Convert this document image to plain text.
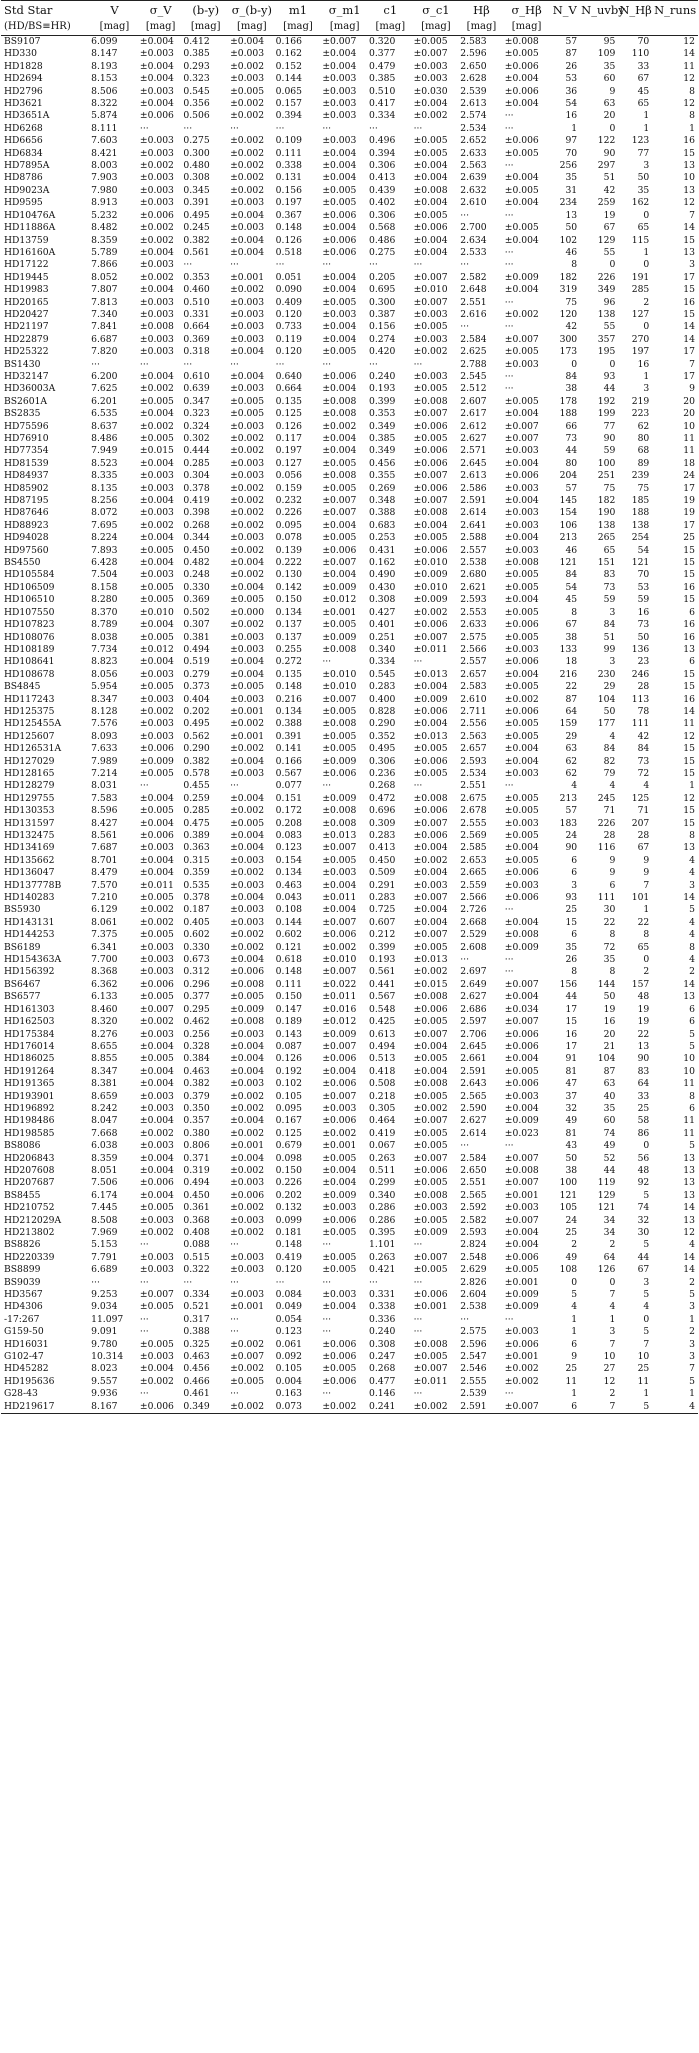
Std Star	V	σ_V	(b-y)	σ_(b-y)	m1	σ_m1	c1	σ_c1	Hβ	σ_Hβ	N_V	N_uvby	N_Hβ	N_runs
(HD/BS≡HR)	[mag]	[mag]	[mag]	[mag]	[mag]	[mag]	[mag]	[mag]	[mag]	[mag]				
BS9107	6.099	±0.004	0.412	±0.004	0.166	±0.007	0.320	±0.005	2.583	±0.008	57	95	70	12
HD330	8.147	±0.003	0.385	±0.003	0.162	±0.004	0.377	±0.007	2.596	±0.005	87	109	110	14
HD1828	8.193	±0.004	0.293	±0.002	0.152	±0.004	0.479	±0.003	2.650	±0.006	26	35	33	11
HD2694	8.153	±0.004	0.323	±0.003	0.144	±0.003	0.385	±0.003	2.628	±0.004	53	60	67	12
HD2796	8.506	±0.003	0.545	±0.005	0.065	±0.003	0.510	±0.030	2.539	±0.006	36	9	45	8
HD3621	8.322	±0.004	0.356	±0.002	0.157	±0.003	0.417	±0.004	2.613	±0.004	54	63	65	12
HD3651A	5.874	±0.006	0.506	±0.002	0.394	±0.003	0.334	±0.002	2.574	···	16	20	1	8
HD6268	8.111	···	···	···	···	···	···	···	2.534	···	1	0	1	1
HD6656	7.603	±0.003	0.275	±0.002	0.109	±0.003	0.496	±0.005	2.652	±0.006	97	122	123	16
HD6834	8.421	±0.003	0.300	±0.002	0.111	±0.004	0.394	±0.005	2.633	±0.005	70	90	77	15
HD7895A	8.003	±0.002	0.480	±0.002	0.338	±0.004	0.306	±0.004	2.563	···	256	297	3	13
HD8786	7.903	±0.003	0.308	±0.002	0.131	±0.004	0.413	±0.004	2.639	±0.004	35	51	50	10
HD9023A	7.980	±0.003	0.345	±0.002	0.156	±0.005	0.439	±0.008	2.632	±0.005	31	42	35	13
HD9595	8.913	±0.003	0.391	±0.003	0.197	±0.005	0.402	±0.004	2.610	±0.004	234	259	162	12
HD10476A	5.232	±0.006	0.495	±0.004	0.367	±0.006	0.306	±0.005	···	···	13	19	0	7
HD11886A	8.482	±0.002	0.245	±0.003	0.148	±0.004	0.568	±0.006	2.700	±0.005	50	67	65	14
HD13759	8.359	±0.002	0.382	±0.004	0.126	±0.006	0.486	±0.004	2.634	±0.004	102	129	115	15
HD16160A	5.789	±0.004	0.561	±0.004	0.518	±0.006	0.275	±0.004	2.533	···	46	55	1	13
HD17122	7.866	±0.003	···	···	···	···	···	···	···	···	8	0	0	3
HD19445	8.052	±0.002	0.353	±0.001	0.051	±0.004	0.205	±0.007	2.582	±0.009	182	226	191	17
HD19983	7.807	±0.004	0.460	±0.002	0.090	±0.004	0.695	±0.010	2.648	±0.004	319	349	285	15
HD20165	7.813	±0.003	0.510	±0.003	0.409	±0.005	0.300	±0.007	2.551	···	75	96	2	16
HD20427	7.340	±0.003	0.331	±0.003	0.120	±0.003	0.387	±0.003	2.616	±0.002	120	138	127	15
HD21197	7.841	±0.008	0.664	±0.003	0.733	±0.004	0.156	±0.005	···	···	42	55	0	14
HD22879	6.687	±0.003	0.369	±0.003	0.119	±0.004	0.274	±0.003	2.584	±0.007	300	357	270	14
HD25322	7.820	±0.003	0.318	±0.004	0.120	±0.005	0.420	±0.002	2.625	±0.005	173	195	197	17
BS1430	···	···	···	···	···	···	···	···	2.788	±0.003	0	0	16	7
HD32147	6.200	±0.004	0.610	±0.004	0.640	±0.006	0.240	±0.003	2.545	···	84	93	1	17
HD36003A	7.625	±0.002	0.639	±0.003	0.664	±0.004	0.193	±0.005	2.512	···	38	44	3	9
BS2601A	6.201	±0.005	0.347	±0.005	0.135	±0.008	0.399	±0.008	2.607	±0.005	178	192	219	20
BS2835	6.535	±0.004	0.323	±0.005	0.125	±0.008	0.353	±0.007	2.617	±0.004	188	199	223	20
HD75596	8.637	±0.002	0.324	±0.003	0.126	±0.002	0.349	±0.006	2.612	±0.007	66	77	62	10
HD76910	8.486	±0.005	0.302	±0.002	0.117	±0.004	0.385	±0.005	2.627	±0.007	73	90	80	11
HD77354	7.949	±0.015	0.444	±0.002	0.197	±0.004	0.349	±0.006	2.571	±0.003	44	59	68	11
HD81539	8.523	±0.004	0.285	±0.003	0.127	±0.005	0.456	±0.006	2.645	±0.004	80	100	89	18
HD84937	8.335	±0.003	0.304	±0.003	0.056	±0.008	0.355	±0.007	2.613	±0.006	204	251	239	24
HD85902	8.135	±0.003	0.378	±0.002	0.159	±0.005	0.269	±0.006	2.586	±0.003	57	75	75	17
HD87195	8.256	±0.004	0.419	±0.002	0.232	±0.007	0.348	±0.007	2.591	±0.004	145	182	185	19
HD87646	8.072	±0.003	0.398	±0.002	0.226	±0.007	0.388	±0.008	2.614	±0.003	154	190	188	19
HD88923	7.695	±0.002	0.268	±0.002	0.095	±0.004	0.683	±0.004	2.641	±0.003	106	138	138	17
HD94028	8.224	±0.004	0.344	±0.003	0.078	±0.005	0.253	±0.005	2.588	±0.004	213	265	254	25
HD97560	7.893	±0.005	0.450	±0.002	0.139	±0.006	0.431	±0.006	2.557	±0.003	46	65	54	15
BS4550	6.428	±0.004	0.482	±0.004	0.222	±0.007	0.162	±0.010	2.538	±0.008	121	151	121	15
HD105584	7.504	±0.003	0.248	±0.002	0.130	±0.004	0.490	±0.009	2.680	±0.005	84	83	70	15
HD106509	8.158	±0.005	0.330	±0.004	0.142	±0.009	0.430	±0.010	2.621	±0.005	54	73	53	16
HD106510	8.280	±0.005	0.369	±0.005	0.150	±0.012	0.308	±0.009	2.593	±0.004	45	59	59	15
HD107550	8.370	±0.010	0.502	±0.000	0.134	±0.001	0.427	±0.002	2.553	±0.005	8	3	16	6
HD107823	8.789	±0.004	0.307	±0.002	0.137	±0.005	0.401	±0.006	2.633	±0.006	67	84	73	16
HD108076	8.038	±0.005	0.381	±0.003	0.137	±0.009	0.251	±0.007	2.575	±0.005	38	51	50	16
HD108189	7.734	±0.012	0.494	±0.003	0.255	±0.008	0.340	±0.011	2.566	±0.003	133	99	136	13
HD108641	8.823	±0.004	0.519	±0.004	0.272	···	0.334	···	2.557	±0.006	18	3	23	6
HD108678	8.056	±0.003	0.279	±0.004	0.135	±0.010	0.545	±0.013	2.657	±0.004	216	230	246	15
BS4845	5.954	±0.005	0.373	±0.005	0.148	±0.010	0.283	±0.004	2.583	±0.005	22	29	28	15
HD117243	8.347	±0.003	0.404	±0.003	0.216	±0.007	0.400	±0.009	2.610	±0.002	87	104	113	16
HD125375	8.128	±0.002	0.202	±0.001	0.134	±0.005	0.828	±0.006	2.711	±0.006	64	50	78	14
HD125455A	7.576	±0.003	0.495	±0.002	0.388	±0.008	0.290	±0.004	2.556	±0.005	159	177	111	11
HD125607	8.093	±0.003	0.562	±0.001	0.391	±0.005	0.352	±0.013	2.563	±0.005	29	4	42	12
HD126531A	7.633	±0.006	0.290	±0.002	0.141	±0.005	0.495	±0.005	2.657	±0.004	63	84	84	15
HD127029	7.989	±0.009	0.382	±0.004	0.166	±0.009	0.306	±0.006	2.593	±0.004	62	82	73	15
HD128165	7.214	±0.005	0.578	±0.003	0.567	±0.006	0.236	±0.005	2.534	±0.003	62	79	72	15
HD128279	8.031	···	0.455	···	0.077	···	0.268	···	2.551	···	4	4	4	1
HD129755	7.583	±0.004	0.259	±0.004	0.151	±0.009	0.472	±0.008	2.675	±0.005	213	245	125	12
HD130353	8.596	±0.005	0.285	±0.002	0.172	±0.008	0.696	±0.006	2.678	±0.005	57	71	71	15
HD131597	8.427	±0.004	0.475	±0.005	0.208	±0.008	0.309	±0.007	2.555	±0.003	183	226	207	15
HD132475	8.561	±0.006	0.389	±0.004	0.083	±0.013	0.283	±0.006	2.569	±0.005	24	28	28	8
HD134169	7.687	±0.003	0.363	±0.004	0.123	±0.007	0.413	±0.004	2.585	±0.004	90	116	67	13
HD135662	8.701	±0.004	0.315	±0.003	0.154	±0.005	0.450	±0.002	2.653	±0.005	6	9	9	4
HD136047	8.479	±0.004	0.359	±0.002	0.134	±0.003	0.509	±0.004	2.665	±0.006	6	9	9	4
HD137778B	7.570	±0.011	0.535	±0.003	0.463	±0.004	0.291	±0.003	2.559	±0.003	3	6	7	3
HD140283	7.210	±0.005	0.378	±0.004	0.043	±0.011	0.283	±0.007	2.566	±0.006	93	111	101	14
BS5930	6.129	±0.002	0.187	±0.003	0.108	±0.004	0.725	±0.004	2.726	···	25	30	1	5
HD143131	8.061	±0.002	0.405	±0.003	0.144	±0.007	0.607	±0.004	2.668	±0.004	15	22	22	4
HD144253	7.375	±0.005	0.602	±0.002	0.602	±0.006	0.212	±0.007	2.529	±0.008	6	8	8	4
BS6189	6.341	±0.003	0.330	±0.002	0.121	±0.002	0.399	±0.005	2.608	±0.009	35	72	65	8
HD154363A	7.700	±0.003	0.673	±0.004	0.618	±0.010	0.193	±0.013	···	···	26	35	0	4
HD156392	8.368	±0.003	0.312	±0.006	0.148	±0.007	0.561	±0.002	2.697	···	8	8	2	2
BS6467	6.362	±0.006	0.296	±0.008	0.111	±0.022	0.441	±0.015	2.649	±0.007	156	144	157	14
BS6577	6.133	±0.005	0.377	±0.005	0.150	±0.011	0.567	±0.008	2.627	±0.004	44	50	48	13
HD161303	8.460	±0.007	0.295	±0.009	0.147	±0.016	0.548	±0.006	2.686	±0.034	17	19	19	6
HD162503	8.320	±0.002	0.462	±0.008	0.189	±0.012	0.425	±0.005	2.597	±0.007	15	16	19	6
HD175384	8.276	±0.003	0.256	±0.003	0.143	±0.009	0.613	±0.007	2.706	±0.006	16	20	22	5
HD176014	8.655	±0.004	0.328	±0.004	0.087	±0.007	0.494	±0.004	2.645	±0.006	17	21	13	5
HD186025	8.855	±0.005	0.384	±0.004	0.126	±0.006	0.513	±0.005	2.661	±0.004	91	104	90	10
HD191264	8.347	±0.004	0.463	±0.004	0.192	±0.004	0.418	±0.004	2.591	±0.005	81	87	83	10
HD191365	8.381	±0.004	0.382	±0.003	0.102	±0.006	0.508	±0.008	2.643	±0.006	47	63	64	11
HD193901	8.659	±0.003	0.379	±0.002	0.105	±0.007	0.218	±0.005	2.565	±0.003	37	40	33	8
HD196892	8.242	±0.003	0.350	±0.002	0.095	±0.003	0.305	±0.002	2.590	±0.004	32	35	25	6
HD198486	8.047	±0.004	0.357	±0.004	0.167	±0.006	0.464	±0.007	2.627	±0.009	49	60	58	11
HD198585	7.668	±0.002	0.380	±0.002	0.125	±0.002	0.419	±0.005	2.614	±0.023	81	74	86	11
BS8086	6.038	±0.003	0.806	±0.001	0.679	±0.001	0.067	±0.005	···	···	43	49	0	5
HD206843	8.359	±0.004	0.371	±0.004	0.098	±0.005	0.263	±0.007	2.584	±0.007	50	52	56	13
HD207608	8.051	±0.004	0.319	±0.002	0.150	±0.004	0.511	±0.006	2.650	±0.008	38	44	48	13
HD207687	7.506	±0.006	0.494	±0.003	0.226	±0.004	0.299	±0.005	2.551	±0.007	100	119	92	13
BS8455	6.174	±0.004	0.450	±0.006	0.202	±0.009	0.340	±0.008	2.565	±0.001	121	129	5	13
HD210752	7.445	±0.005	0.361	±0.002	0.132	±0.003	0.286	±0.003	2.592	±0.003	105	121	74	14
HD212029A	8.508	±0.003	0.368	±0.003	0.099	±0.006	0.286	±0.005	2.582	±0.007	24	34	32	13
HD213802	7.969	±0.002	0.408	±0.002	0.181	±0.005	0.395	±0.009	2.593	±0.004	25	34	30	12
BS8826	5.153	···	0.088	···	0.148	···	1.101	···	2.824	±0.004	2	2	5	4
HD220339	7.791	±0.003	0.515	±0.003	0.419	±0.005	0.263	±0.007	2.548	±0.006	49	64	44	14
BS8899	6.689	±0.003	0.322	±0.003	0.120	±0.005	0.421	±0.005	2.629	±0.005	108	126	67	14
BS9039	···	···	···	···	···	···	···	···	2.826	±0.001	0	0	3	2
HD3567	9.253	±0.007	0.334	±0.003	0.084	±0.003	0.331	±0.006	2.604	±0.009	5	7	5	5
HD4306	9.034	±0.005	0.521	±0.001	0.049	±0.004	0.338	±0.001	2.538	±0.009	4	4	4	3
-17:267	11.097	···	0.317	···	0.054	···	0.336	···	···	···	1	1	0	1
G159-50	9.091	···	0.388	···	0.123	···	0.240	···	2.575	±0.003	1	3	5	2
HD16031	9.780	±0.005	0.325	±0.002	0.061	±0.006	0.308	±0.008	2.596	±0.006	6	7	7	3
G102-47	10.314	±0.003	0.463	±0.007	0.092	±0.006	0.247	±0.005	2.547	±0.001	9	10	10	3
HD45282	8.023	±0.004	0.456	±0.002	0.105	±0.005	0.268	±0.007	2.546	±0.002	25	27	25	7
HD195636	9.557	±0.002	0.466	±0.005	0.004	±0.006	0.477	±0.011	2.555	±0.002	11	12	11	5
G28-43	9.936	···	0.461	···	0.163	···	0.146	···	2.539	···	1	2	1	1
HD219617	8.167	±0.006	0.349	±0.002	0.073	±0.002	0.241	±0.002	2.591	±0.007	6	7	5	4
